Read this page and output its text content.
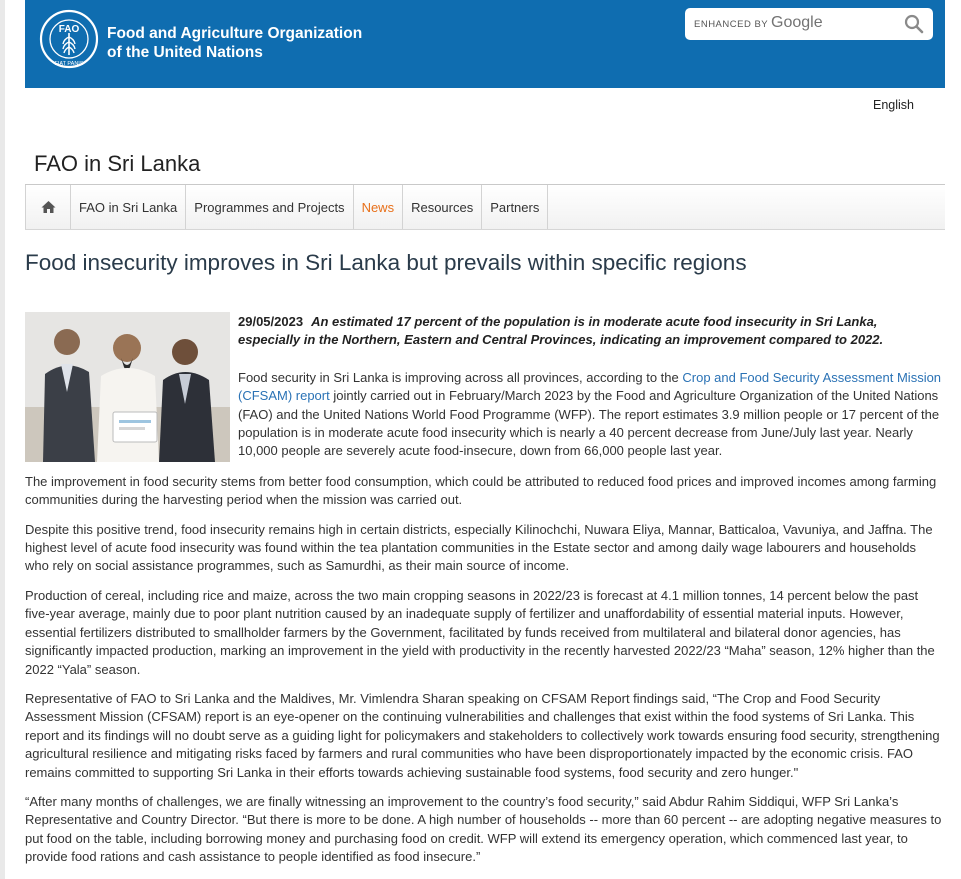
FAO
FIAT PANIS
Food and Agriculture Organization
of the United Nations
ENHANCED BY Google
English
FAO in Sri Lanka
FAO in Sri Lanka	Programmes and Projects	News	Resources	Partners
Food insecurity improves in Sri Lanka but prevails within specific regions

29/05/2023 An estimated 17 percent of the population is in moderate acute food insecurity in Sri Lanka, especially in the Northern, Eastern and Central Provinces, indicating an improvement compared to 2022.

Food security in Sri Lanka is improving across all provinces, according to the Crop and Food Security Assessment Mission (CFSAM) report jointly carried out in February/March 2023 by the Food and Agriculture Organization of the United Nations (FAO) and the United Nations World Food Programme (WFP). The report estimates 3.9 million people or 17 percent of the population is in moderate acute food insecurity which is nearly a 40 percent decrease from June/July last year. Nearly 10,000 people are severely acute food-insecure, down from 66,000 people last year.

The improvement in food security stems from better food consumption, which could be attributed to reduced food prices and improved incomes among farming communities during the harvesting period when the mission was carried out.

Despite this positive trend, food insecurity remains high in certain districts, especially Kilinochchi, Nuwara Eliya, Mannar, Batticaloa, Vavuniya, and Jaffna. The highest level of acute food insecurity was found within the tea plantation communities in the Estate sector and among daily wage labourers and households who rely on social assistance programmes, such as Samurdhi, as their main source of income.

Production of cereal, including rice and maize, across the two main cropping seasons in 2022/23 is forecast at 4.1 million tonnes, 14 percent below the past five-year average, mainly due to poor plant nutrition caused by an inadequate supply of fertilizer and unaffordability of essential material inputs. However, essential fertilizers distributed to smallholder farmers by the Government, facilitated by funds received from multilateral and bilateral donor agencies, has significantly impacted production, marking an improvement in the yield with productivity in the recently harvested 2022/23 “Maha” season, 12% higher than the 2022 “Yala” season.

Representative of FAO to Sri Lanka and the Maldives, Mr. Vimlendra Sharan speaking on CFSAM Report findings said, “The Crop and Food Security Assessment Mission (CFSAM) report is an eye-opener on the continuing vulnerabilities and challenges that exist within the food systems of Sri Lanka. This report and its findings will no doubt serve as a guiding light for policymakers and stakeholders to collectively work towards ensuring food security, strengthening agricultural resilience and mitigating risks faced by farmers and rural communities who have been disproportionately impacted by the economic crisis. FAO remains committed to supporting Sri Lanka in their efforts towards achieving sustainable food systems, food security and zero hunger."

“After many months of challenges, we are finally witnessing an improvement to the country’s food security,” said Abdur Rahim Siddiqui, WFP Sri Lanka’s Representative and Country Director. “But there is more to be done. A high number of households -- more than 60 percent -- are adopting negative measures to put food on the table, including borrowing money and purchasing food on credit. WFP will extend its emergency operation, which commenced last year, to provide food rations and cash assistance to people identified as food insecure.”
